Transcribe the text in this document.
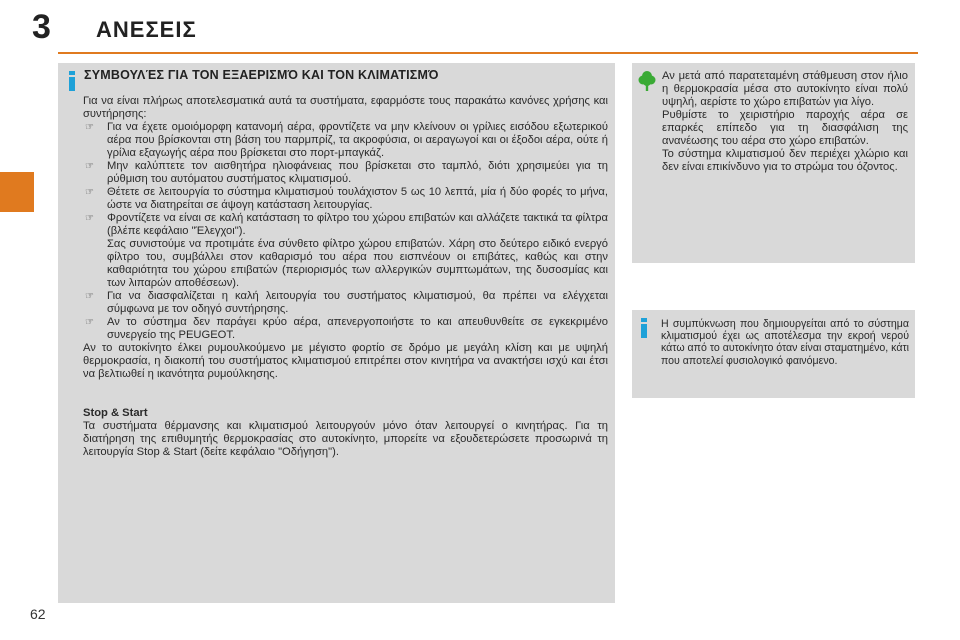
3 ΑΝΕΣΕΙΣ
ΣΥΜΒΟΥΛΈΣ ΓΙΑ ΤΟΝ ΕΞΑΕΡΙΣΜΌ ΚΑΙ ΤΟΝ ΚΛΙΜΑΤΙΣΜΌ

Για να είναι πλήρως αποτελεσματικά αυτά τα συστήματα, εφαρμόστε τους παρακάτω κανόνες χρήσης και συντήρησης:

☞ Για να έχετε ομοιόμορφη κατανομή αέρα, φροντίζετε να μην κλείνουν οι γρίλιες εισόδου εξωτερικού αέρα που βρίσκονται στη βάση του παρμπρίζ, τα ακροφύσια, οι αεραγωγοί και οι έξοδοι αέρα, ούτε ή γρίλια εξαγωγής αέρα που βρίσκεται στο πορτ-μπαγκάζ.

☞ Μην καλύπτετε τον αισθητήρα ηλιοφάνειας που βρίσκεται στο ταμπλό, διότι χρησιμεύει για τη ρύθμιση του αυτόματου συστήματος κλιματισμού.

☞ Θέτετε σε λειτουργία το σύστημα κλιματισμού τουλάχιστον 5 ως 10 λεπτά, μία ή δύο φορές το μήνα, ώστε να διατηρείται σε άψογη κατάσταση λειτουργίας.

☞ Φροντίζετε να είναι σε καλή κατάσταση το φίλτρο του χώρου επιβατών και αλλάζετε τακτικά τα φίλτρα (βλέπε κεφάλαιο "Έλεγχοι").

Σας συνιστούμε να προτιμάτε ένα σύνθετο φίλτρο χώρου επιβατών. Χάρη στο δεύτερο ειδικό ενεργό φίλτρο του, συμβάλλει στον καθαρισμό του αέρα που εισπνέουν οι επιβάτες, καθώς και στην καθαριότητα του χώρου επιβατών (περιορισμός των αλλεργικών συμπτωμάτων, της δυσοσμίας και των λιπαρών αποθέσεων).

☞ Για να διασφαλίζεται η καλή λειτουργία του συστήματος κλιματισμού, θα πρέπει να ελέγχεται σύμφωνα με τον οδηγό συντήρησης.

☞ Αν το σύστημα δεν παράγει κρύο αέρα, απενεργοποιήστε το και απευθυνθείτε σε εγκεκριμένο συνεργείο της PEUGEOT.

Αν το αυτοκίνητο έλκει ρυμουλκούμενο με μέγιστο φορτίο σε δρόμο με μεγάλη κλίση και με υψηλή θερμοκρασία, η διακοπή του συστήματος κλιματισμού επιτρέπει στον κινητήρα να ανακτήσει ισχύ και έτσι να βελτιωθεί η ικανότητα ρυμούλκησης.

Stop & Start

Τα συστήματα θέρμανσης και κλιματισμού λειτουργούν μόνο όταν λειτουργεί ο κινητήρας. Για τη διατήρηση της επιθυμητής θερμοκρασίας στο αυτοκίνητο, μπορείτε να εξουδετερώσετε προσωρινά τη λειτουργία Stop & Start (δείτε κεφάλαιο "Οδήγηση").

Αν μετά από παρατεταμένη στάθμευση στον ήλιο η θερμοκρασία μέσα στο αυτοκίνητο είναι πολύ υψηλή, αερίστε το χώρο επιβατών για λίγο.

Ρυθμίστε το χειριστήριο παροχής αέρα σε επαρκές επίπεδο για τη διασφάλιση της ανανέωσης του αέρα στο χώρο επιβατών.

Το σύστημα κλιματισμού δεν περιέχει χλώριο και δεν είναι επικίνδυνο για το στρώμα του όζοντος.

Η συμπύκνωση που δημιουργείται από το σύστημα κλιματισμού έχει ως αποτέλεσμα την εκροή νερού κάτω από το αυτοκίνητο όταν είναι σταματημένο, κάτι που αποτελεί φυσιολογικό φαινόμενο.
62
